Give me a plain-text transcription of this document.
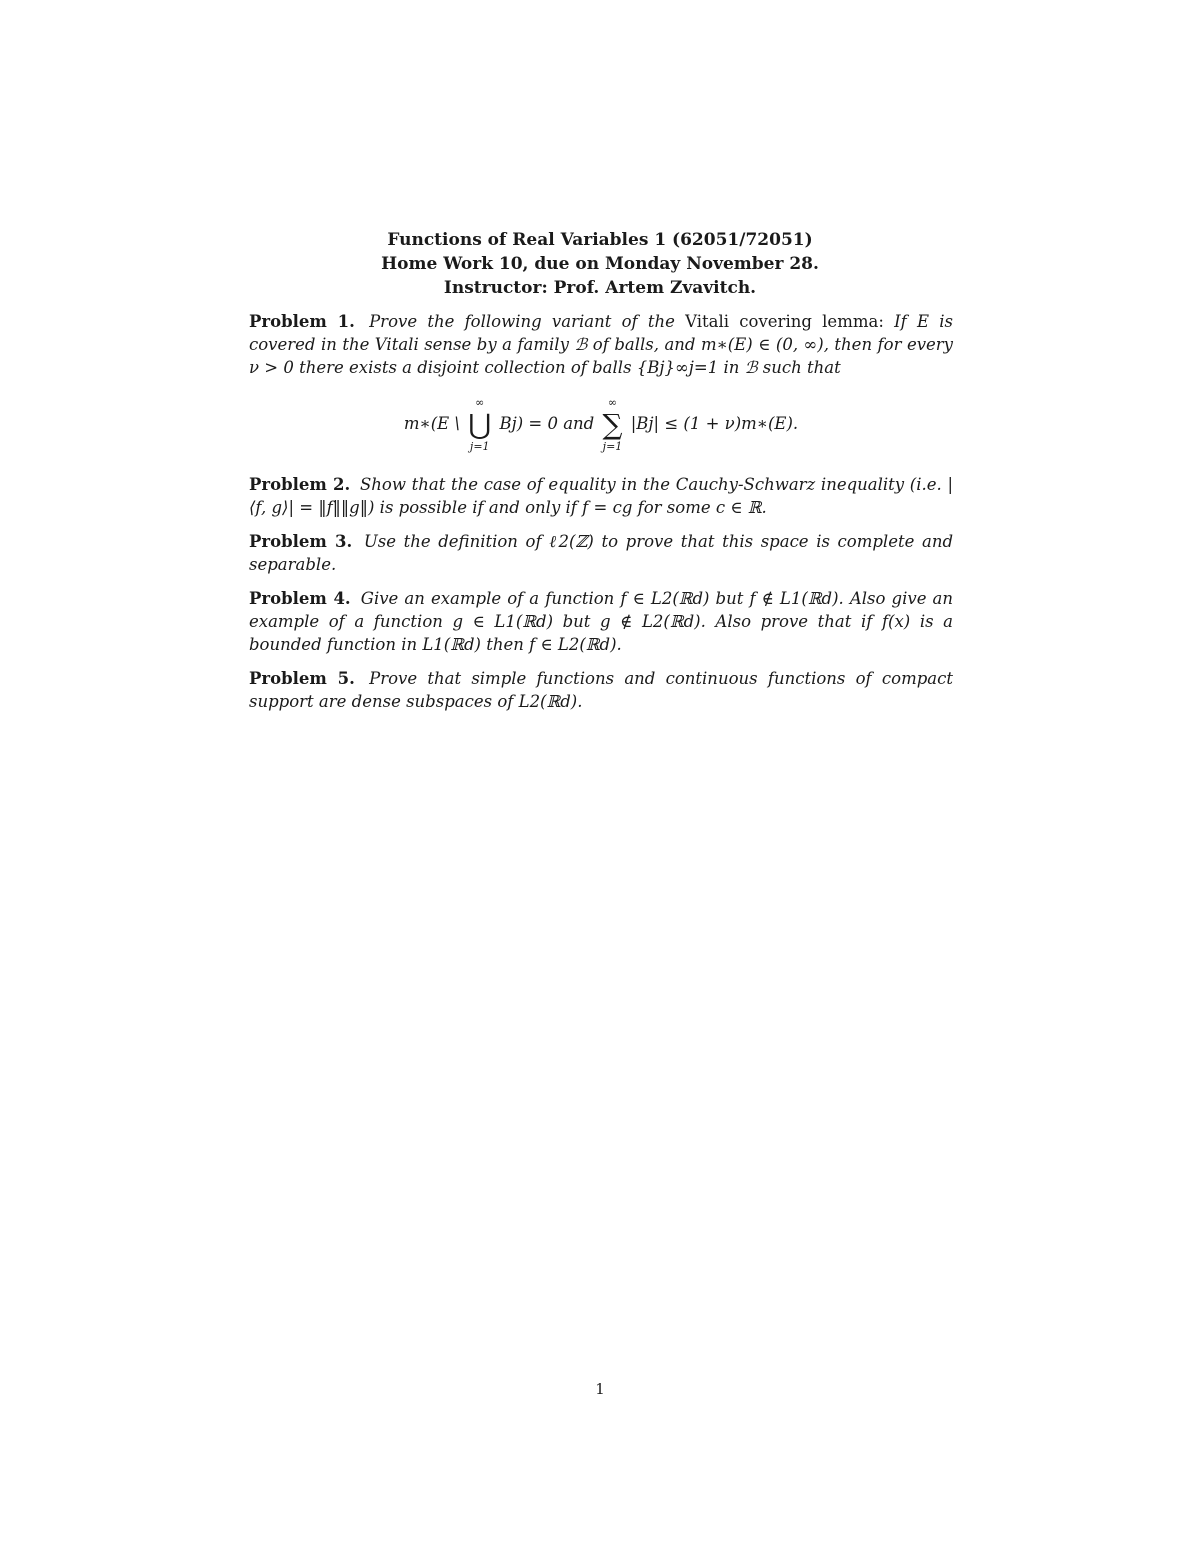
Functions of Real Variables 1 (62051/72051)
Home Work 10, due on Monday November 28.
Instructor: Prof. Artem Zvavitch.
Problem 1. Prove the following variant of the Vitali covering lemma: If E is covered in the Vitali sense by a family ℬ of balls, and m∗(E) ∈ (0, ∞), then for every ν > 0 there exists a disjoint collection of balls {Bj}∞j=1 in ℬ such that
m∗(E \
∞
⋃
j=1
Bj) = 0 and
∞
∑
j=1
|Bj| ≤ (1 + ν)m∗(E).
Problem 2. Show that the case of equality in the Cauchy-Schwarz inequality (i.e. |⟨f, g⟩| = ‖f‖‖g‖) is possible if and only if f = cg for some c ∈ ℝ.
Problem 3. Use the definition of ℓ2(ℤ) to prove that this space is complete and separable.
Problem 4. Give an example of a function f ∈ L2(ℝd) but f ∉ L1(ℝd). Also give an example of a function g ∈ L1(ℝd) but g ∉ L2(ℝd). Also prove that if f(x) is a bounded function in L1(ℝd) then f ∈ L2(ℝd).
Problem 5. Prove that simple functions and continuous functions of compact support are dense subspaces of L2(ℝd).
1
